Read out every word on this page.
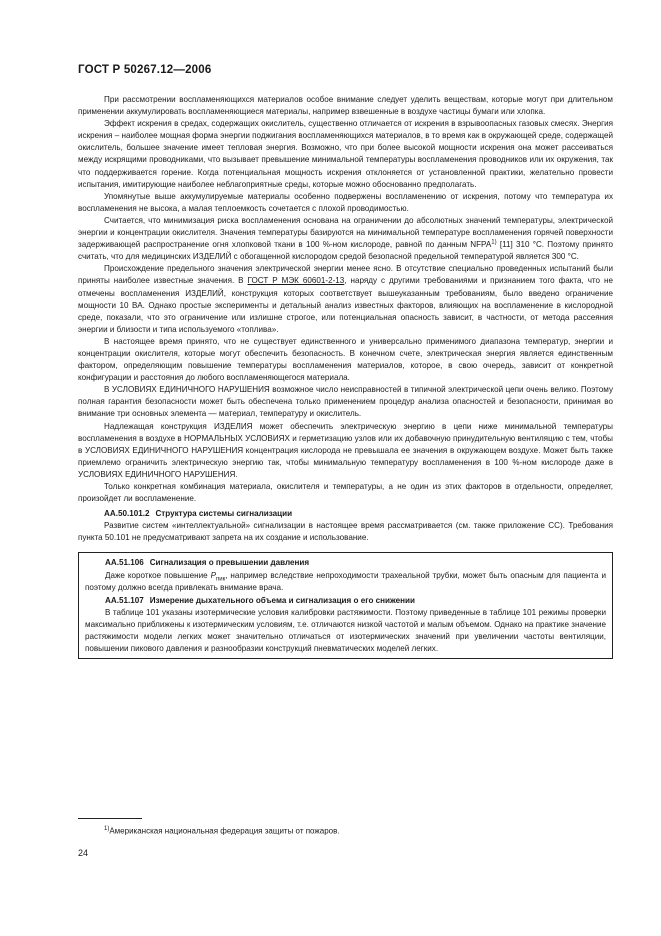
ГОСТ Р 50267.12—2006

При рассмотрении воспламеняющихся материалов особое внимание следует уделить веществам, которые могут при длительном применении аккумулировать воспламеняющиеся материалы, например взвешенные в воздухе частицы бумаги или хлопка.

Эффект искрения в средах, содержащих окислитель, существенно отличается от искрения в взрывоопасных газовых смесях. Энергия искрения – наиболее мощная форма энергии поджигания воспламеняющихся материалов, в то время как в окружающей среде, содержащей окислитель, большее значение имеет тепловая энергия. Возможно, что при более высокой мощности искрения она может рассеиваться между искрящими проводниками, что вызывает превышение минимальной температуры воспламенения проводников или их окружения, так что поддерживается горение. Когда потенциальная мощность искрения отклоняется от установленной практики, желательно провести испытания, имитирующие наиболее неблагоприятные среды, которые можно обоснованно предполагать.

Упомянутые выше аккумулируемые материалы особенно подвержены воспламенению от искрения, потому что температура их воспламенения не высока, а малая теплоемкость сочетается с плохой проводимостью.

Считается, что минимизация риска воспламенения основана на ограничении до абсолютных значений температуры, электрической энергии и концентрации окислителя. Значения температуры базируются на минимальной температуре воспламенения горячей поверхности задерживающей распространение огня хлопковой ткани в 100 %-ном кислороде, равной по данным NFPA$^{1)}$ [11] 310 °С. Поэтому принято считать, что для медицинских ИЗДЕЛИЙ с обогащенной кислородом средой безопасной предельной температурой является 300 °С.

Происхождение предельного значения электрической энергии менее ясно. В отсутствие специально проведенных испытаний были приняты наиболее известные значения. В ГОСТ Р МЭК 60601-2-13, наряду с другими требованиями и признанием того факта, что не отмечены воспламенения ИЗДЕЛИЙ, конструкция которых соответствует вышеуказанным требованиям, было введено ограничение мощности 10 ВА. Однако простые эксперименты и детальный анализ известных факторов, влияющих на воспламенение в кислородной среде, показали, что это ограничение или излишне строгое, или потенциальная опасность зависит, в частности, от метода рассеяния энергии и близости и типа используемого «топлива».

В настоящее время принято, что не существует единственного и универсально применимого диапазона температур, энергии и концентрации окислителя, которые могут обеспечить безопасность. В конечном счете, электрическая энергия является единственным фактором, определяющим повышение температуры воспламенения материалов, которое, в свою очередь, зависит от конкретной конфигурации и расстояния до любого воспламеняющегося материала.

В УСЛОВИЯХ ЕДИНИЧНОГО НАРУШЕНИЯ возможное число неисправностей в типичной электрической цепи очень велико. Поэтому полная гарантия безопасности может быть обеспечена только применением процедур анализа опасностей и безопасности, принимая во внимание три основных элемента — материал, температуру и окислитель.

Надлежащая конструкция ИЗДЕЛИЯ может обеспечить электрическую энергию в цепи ниже минимальной температуры воспламенения в воздухе в НОРМАЛЬНЫХ УСЛОВИЯХ и герметизацию узлов или их добавочную принудительную вентиляцию с тем, чтобы в УСЛОВИЯХ ЕДИНИЧНОГО НАРУШЕНИЯ концентрация кислорода не превышала ее значения в окружающем воздухе. Может быть также приемлемо ограничить электрическую энергию так, чтобы минимальную температуру воспламенения в 100 %-ном кислороде даже в УСЛОВИЯХ ЕДИНИЧНОГО НАРУШЕНИЯ.

Только конкретная комбинация материала, окислителя и температуры, а не один из этих факторов в отдельности, определяет, произойдет ли воспламенение.

АА.50.101.2 Структура системы сигнализации

Развитие систем «интеллектуальной» сигнализации в настоящее время рассматривается (см. также приложение СС). Требования пункта 50.101 не предусматривают запрета на их создание и использование.

АА.51.106 Сигнализация о превышении давления

Даже короткое повышение $Р_{пик}$, например вследствие непроходимости трахеальной трубки, может быть опасным для пациента и поэтому должно всегда привлекать внимание врача.

АА.51.107 Измерение дыхательного объема и сигнализация о его снижении

В таблице 101 указаны изотермические условия калибровки растяжимости. Поэтому приведенные в таблице 101 режимы проверки максимально приближены к изотермическим условиям, т.е. отличаются низкой частотой и малым объемом. Однако на практике значение растяжимости модели легких может значительно отличаться от изотермических значений при увеличении частоты вентиляции, повышении пикового давления и разнообразии конструкций пневматических моделей легких.

$^{1)}$Американская национальная федерация защиты от пожаров.
24
